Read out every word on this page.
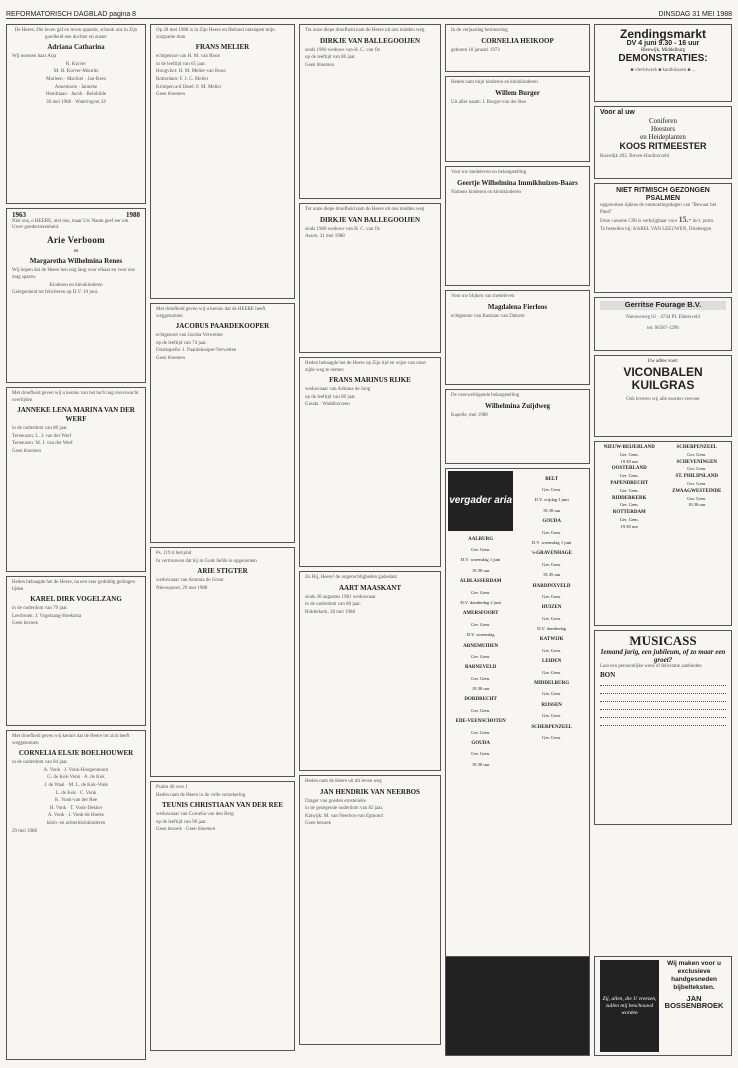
REFORMATORISCH DAGBLAD pagina 8	DINSDAG 31 MEI 1988

De Heere, Die leven gaf en leven spaarde, schonk ons in Zijn goedheid een dochter en zuster

Adriana Catharina

Wij noemen haar Arja

R. Korver

M. H. Korver-Mourits

Marleen · Machiel · Jan-Kees

Annemarie · Janneke

Hendriaan · Jacob · Reinhilde

30 mei 1988 · Wateringvet 24

1963	1988

Niet ons, o HEERE, niet ons, maar Uw Naam geef eer om Uwer goedertierenheid.

Arie Verboom
en
Margaretha Wilhelmina Renes

Wij hopen dat de Heere hen nog lang voor elkaar en voor ons mag sparen.

Kinderen en kleinkinderen

Gelegenheid tot feliciteren op D.V. 10 juni.

Met droefheid geven wij u kennis van het toch nog onverwacht overlijden

JANNEKE LENA MARINA VAN DER WERF

in de ouderdom van 80 jaar.

Terneuzen: L. J. van der Werf

Terneuzen: M. J. van der Werf

Geen bloemen

Heden behaagde het de Heere, na een zeer geduldig gedragen lijden

KAREL DIRK VOGELZANG

in de ouderdom van 79 jaar.

Leerbroek: J. Vogelzang-Hoeksma

Geen bezoek

Met droefheid geven wij kennis dat de Heere tot zich heeft weggenomen

CORNELIA ELSJE BOELHOUWER

in de ouderdom van 84 jaar.

A. Vonk · J. Vonk-Hoogendoorn

G. de Kok-Vonk · A. de Kok

J. de Waal · M. L. de Kok-Vonk

L. de Kok · C. Vonk

K. Vonk-van der Ree

H. Vonk · T. Vonk-Dekker

A. Vonk · J. Vonk-de Hoeke

klein- en achterkleinkinderen

29 mei 1988

Op 28 mei 1988 is in Zijn Heere en Heiland ontslapen mijn zorgzame man

FRANS MELIER

echtgenoot van H. M. van Roon

in de leeftijd van 65 jaar.

Hoogvliet: H. M. Melier-van Roon

Rotterdam: F. J. C. Melier

Krimpen a/d IJssel: F. M. Melier

Geen bloemen

Met droefheid geven wij u kennis dat de HEERE heeft weggenomen

JACOBUS PAARDEKOOPER

echtgenoot van Jacoba Verwetten

op de leeftijd van 74 jaar.

Oostkapelle: J. Paardekooper-Verwetten

Geen bloemen

Ps. 119:4 berijmd

In vertrouwen dat hij in Gods liefde is opgenomen

ARIE STIGTER

weduwnaar van Antonia de Groot

Nieuwpoort, 29 mei 1988

Psalm 46 vers 1

Heden nam de Heere in de volle verzekering

TEUNIS CHRISTIAAN VAN DER REE

weduwnaar van Cornelia van den Berg

op de leeftijd van 90 jaar.

Geen bezoek · Geen bloemen

Tot onze diepe droefheid nam de Heere uit ons midden weg

DIRKJE VAN BALLEGOOIJEN

sinds 1960 weduwe van H. C. van Os

op de leeftijd van 86 jaar.

Geen bloemen

Tot onze diepe droefheid nam de Heere uit ons midden weg

DIRKJE VAN BALLEGOOIJEN

sinds 1960 weduwe van H. C. van Os

Assen, 31 mei 1988

Heden behaagde het de Heere op Zijn tijd en wijze van onze zijde weg te nemen

FRANS MARINUS RIJKE

weduwnaar van Adriana de Jong

op de leeftijd van 80 jaar.

Gouda · Waddinxveen

Zo Hij, Heere! de ongerechtigheden gadeslaat

AART MAASKANT

sinds 30 augustus 1981 weduwnaar

in de ouderdom van 86 jaar.

Ridderkerk, 28 mei 1988

Heden nam de Heere uit dit leven weg

JAN HENDRIK VAN NEERBOS

Drager van goeden ernstelieke

in de gezegende ouderdom van 82 jaar.

Katwijk: M. van Neerbos-van Egmond

Geen bezoek

In de verjaardag herinnering

CORNELIA HEIKOOP

geboren 18 januari 1973

Heden nam mijn kinderen en kleinkinderen

Willem Burger

Uit aller naam: J. Burger-van der Ree

Voor uw medeleven en belangstelling

Geertje Wilhelmina Immikhuizen-Baars

Namens kinderen en kleinkinderen

Voor uw blijken van medeleven

Magdalena Fierloos

echtgenote van Bastiaan van Dalsem

De overweldigende belangstelling

Wilhelmina Zuijdweg

Kapelle, mei 1988

vergader aria

AALBURG

Ger. Gem.

D.V. woensdag 1 juni

19.30 uur

ALBLASSERDAM

Ger. Gem.

D.V. donderdag 2 juni

AMERSFOORT

Ger. Gem.

D.V. woensdag

ARNEMUIDEN

Ger. Gem.

BARNEVELD

Ger. Gem.

19.30 uur

DORDRECHT

Ger. Gem.

EDE-VEENSCHOTEN

Ger. Gem.

GOUDA

Ger. Gem.

19.30 uur

BELT

Ger. Gem.

D.V. vrijdag 3 juni

19.30 uur

GOUDA

Ger. Gem.

D.V. woensdag 1 juni

's-GRAVENHAGE

Ger. Gem.

19.45 uur

HARDINXVELD

Ger. Gem.

HUIZEN

Ger. Gem.

D.V. donderdag

KATWIJK

Ger. Gem.

LEIDEN

Ger. Gem.

MIDDELBURG

Ger. Gem.

RIJSSEN

Ger. Gem.

SCHERPENZEEL

Ger. Gem.

Zendingsmarkt
DV 4 juni 9.30 - 16 uur
Bleewijk, Middelburg
DEMONSTRATIES:

■ vlechtwerk ■ kantklossen ■ ...

Voor al uw
Coniferen
Heesters
en Heideplanten
KOOS RITMEESTER

Roosdijk 402, Boven-Hardinxveld

NIET RITMISCH GEZONGEN PSALMEN

opgenomen tijdens de ontmoetingsdagen van "Bewaar het Pand"

Deze cassette C90 is verkrijgbaar voor 15.- incl. porto.

Te bestellen bij: KAREL VAN LEEUWEN, Driebergen

Gerritse Fourage B.V.

Nieuweweg 61 · 4744 PL Eldersveld

tel. 06587-1296

Uw adres voor:
VICONBALEN
KUILGRAS

Ook leveren wij alle soorten veevoer

NIEUW-BEIJERLAND

Ger. Gem.

19.30 uur

OOSTERLAND

Ger. Gem.

PAPENDRECHT

Ger. Gem.

RIDDERKERK

Ger. Gem.

ROTTERDAM

Ger. Gem.

19.30 uur

SCHERPENZEEL

Ger. Gem.

SCHEVENINGEN

Ger. Gem.

ST. PHILIPSLAND

Ger. Gem.

ZWAAGWESTEINDE

Ger. Gem.

19.30 uur

MUSICASS
Iemand jarig, een jubileum, of zo maar een groet?

Laat een persoonlijke wens of felicitatie aanbieden

BON
Zij, allen, die U vreezen, zullen mij beschouwd worden
Wij maken voor u exclusieve handgesneden bijbelteksten.
JAN BOSSENBROEK
